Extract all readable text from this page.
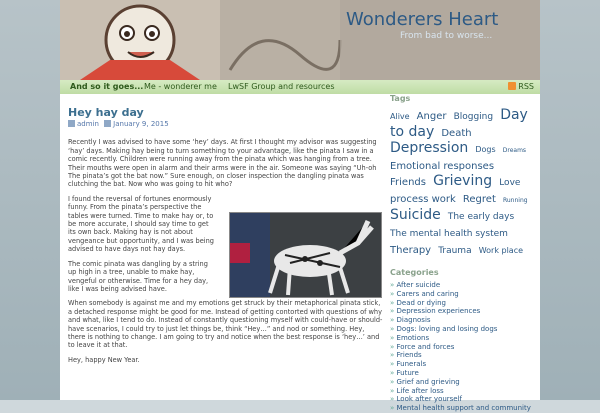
Wonderers Heart
From bad to worse...
And so it goes... Me - wonderer me LwSF Group and resources	RSS
Hey hay day
admin January 9, 2015

Recently I was advised to have some ‘hey’ days. At first I thought my advisor was suggesting ‘hay’ days. Making hay being to turn something to your advantage, like the pinata I saw in a comic recently. Children were running away from the pinata which was hanging from a tree. Their mouths were open in alarm and their arms were in the air. Someone was saying “Uh-oh The pinata’s got the bat now.” Sure enough, on closer inspection the dangling pinata was clutching the bat. Now who was going to hit who?

I found the reversal of fortunes enormously funny. From the pinata’s perspective the tables were turned. Time to make hay or, to be more accurate, I should say time to get its own back. Making hay is not about vengeance but opportunity, and I was being advised to have days not hay days.

The comic pinata was dangling by a string up high in a tree, unable to make hay, vengeful or otherwise. Time for a hey day, like I was being advised have.

When somebody is against me and my emotions get struck by their metaphorical pinata stick, a detached response might be good for me. Instead of getting contorted with questions of why and what, like I tend to do. Instead of constantly questioning myself with could-have or should-have scenarios, I could try to just let things be, think “Hey…” and nod or something. Hey, there is nothing to change. I am going to try and notice when the best response is ‘hey…’ and to leave it at that.

Hey, happy New Year.

Tags
Alive Anger Blogging Day to day Death Depression Dogs Dreams Emotional responses Friends Grieving Love process work Regret Running Suicide The early days The mental health system Therapy Trauma Work place
Categories
» After suicide
» Carers and caring
» Dead or dying
» Depression experiences
» Diagnosis
» Dogs: loving and losing dogs
» Emotions
» Force and forces
» Friends
» Funerals
» Future
» Grief and grieving
» Life after loss
» Look after yourself
» Mental health support and community
